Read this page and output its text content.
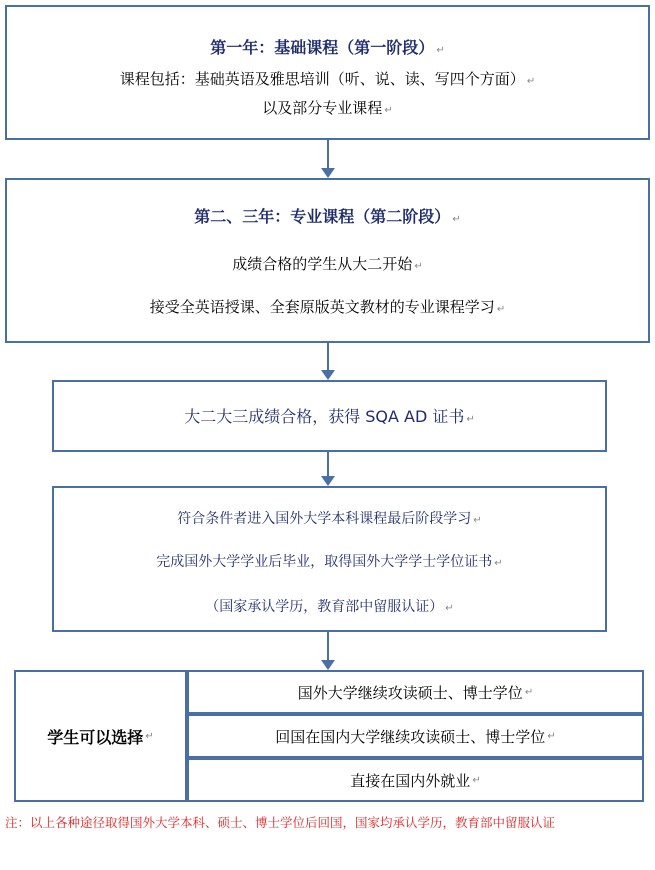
第一年：基础课程（第一阶段） ↵
课程包括：基础英语及雅思培训（听、说、读、写四个方面） ↵
以及部分专业课程 ↵
第二、三年：专业课程（第二阶段） ↵
成绩合格的学生从大二开始 ↵
接受全英语授课、全套原版英文教材的专业课程学习 ↵
大二大三成绩合格，获得 SQA AD 证书 ↵
符合条件者进入国外大学本科课程最后阶段学习 ↵
完成国外大学学业后毕业，取得国外大学学士学位证书 ↵
（国家承认学历，教育部中留服认证） ↵
学生可以选择 ↵
国外大学继续攻读硕士、博士学位 ↵
回国在国内大学继续攻读硕士、博士学位 ↵
直接在国内外就业 ↵
注：以上各种途径取得国外大学本科、硕士、博士学位后回国，国家均承认学历，教育部中留服认证
